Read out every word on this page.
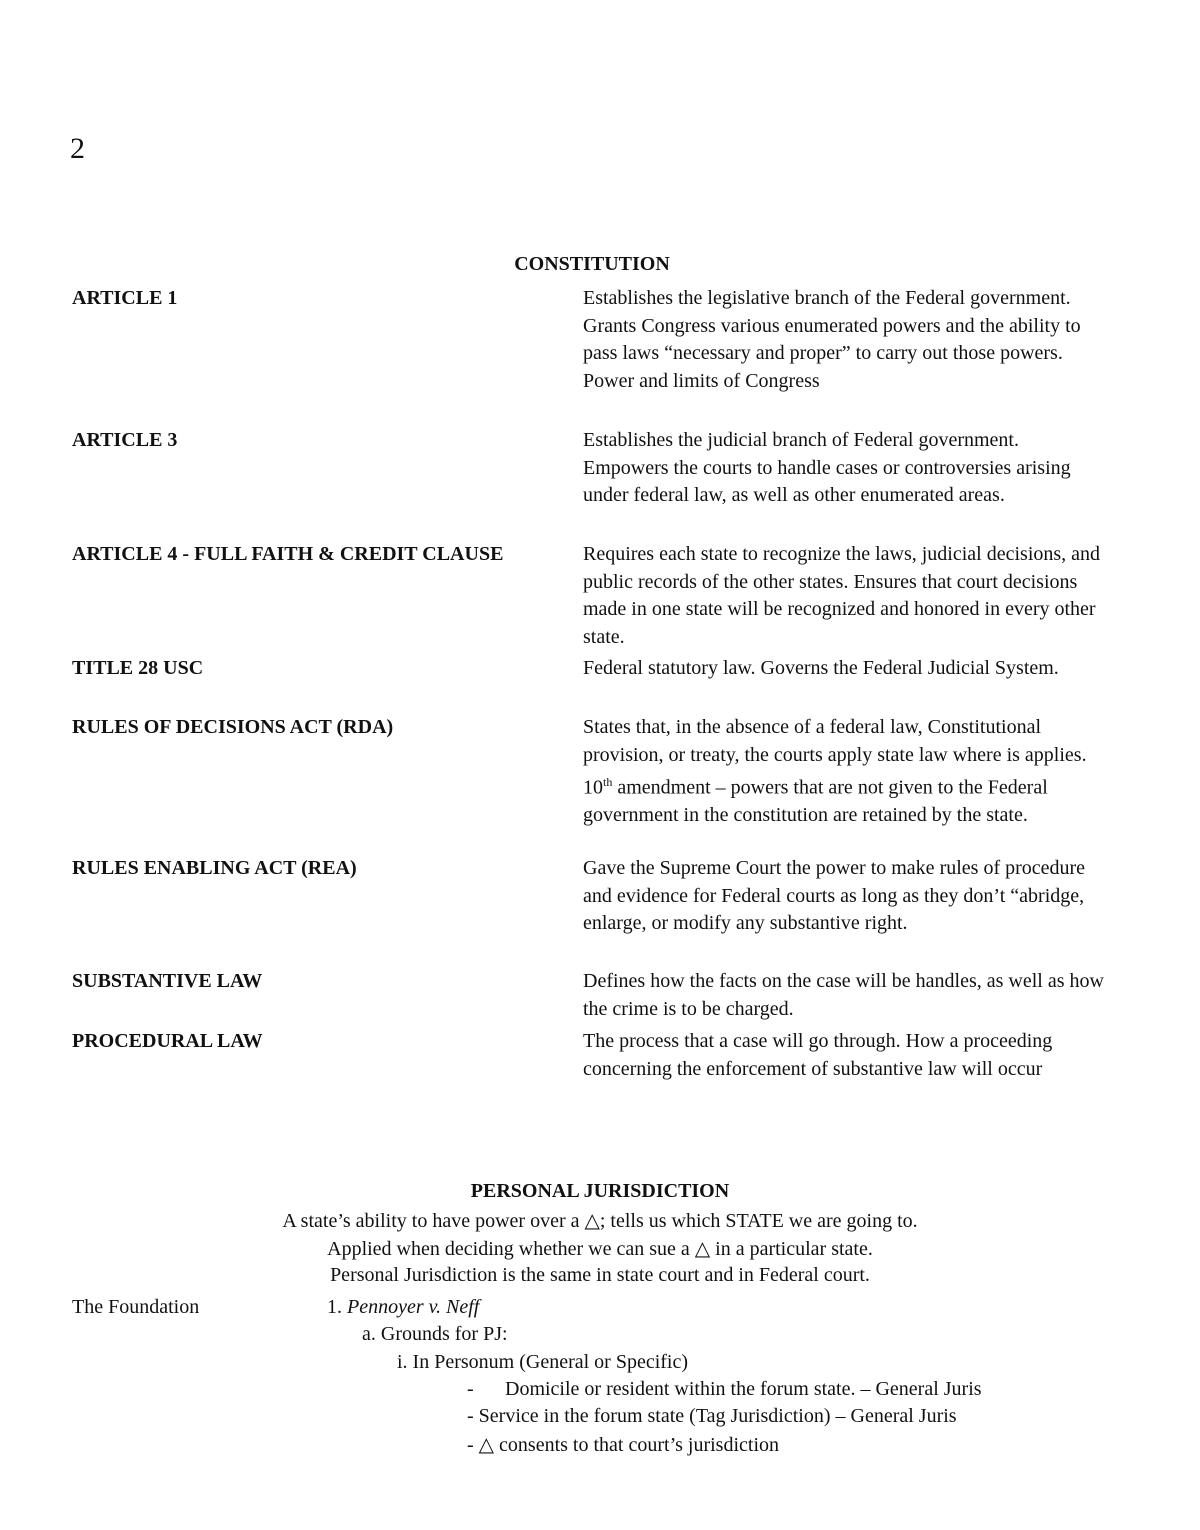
2
CONSTITUTION
ARTICLE 1	Establishes the legislative branch of the Federal government. Grants Congress various enumerated powers and the ability to pass laws “necessary and proper” to carry out those powers. Power and limits of Congress
ARTICLE 3	Establishes the judicial branch of Federal government. Empowers the courts to handle cases or controversies arising under federal law, as well as other enumerated areas.
ARTICLE 4 - FULL FAITH & CREDIT CLAUSE	Requires each state to recognize the laws, judicial decisions, and public records of the other states. Ensures that court decisions made in one state will be recognized and honored in every other state.
TITLE 28 USC	Federal statutory law. Governs the Federal Judicial System.
RULES OF DECISIONS ACT (RDA)	States that, in the absence of a federal law, Constitutional provision, or treaty, the courts apply state law where is applies. 10th amendment – powers that are not given to the Federal government in the constitution are retained by the state.
RULES ENABLING ACT (REA)	Gave the Supreme Court the power to make rules of procedure and evidence for Federal courts as long as they don’t “abridge, enlarge, or modify any substantive right.
SUBSTANTIVE LAW	Defines how the facts on the case will be handles, as well as how the crime is to be charged.
PROCEDURAL LAW	The process that a case will go through. How a proceeding concerning the enforcement of substantive law will occur
PERSONAL JURISDICTION
A state’s ability to have power over a △; tells us which STATE we are going to.
Applied when deciding whether we can sue a △ in a particular state.
Personal Jurisdiction is the same in state court and in Federal court.
The Foundation	1. Pennoyer v. Neff
a. Grounds for PJ:
i. In Personum (General or Specific)
- Domicile or resident within the forum state. – General Juris
- Service in the forum state (Tag Jurisdiction) – General Juris
- △ consents to that court’s jurisdiction
